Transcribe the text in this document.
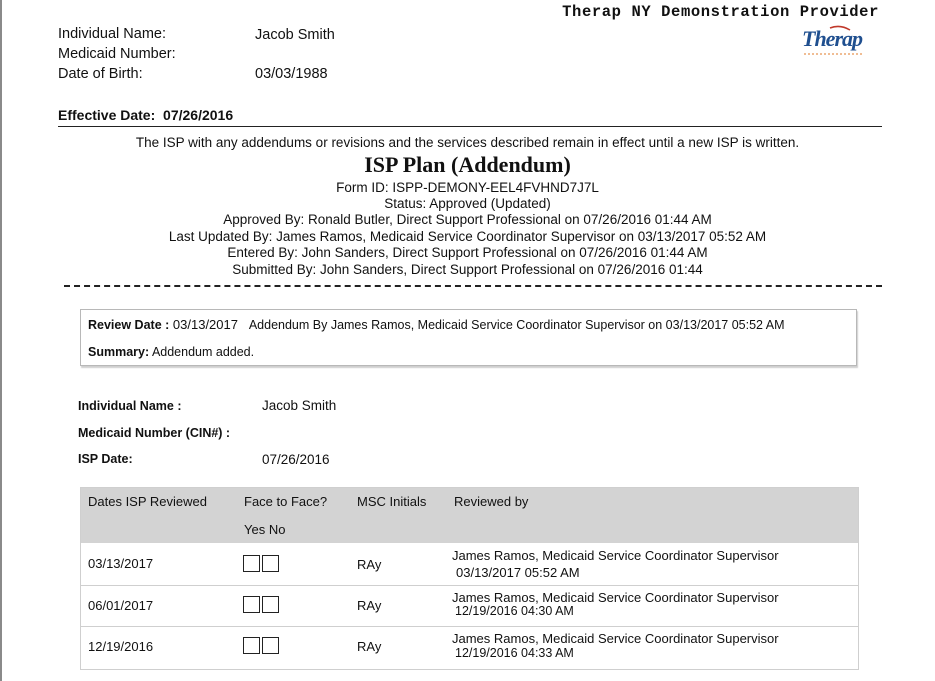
Individual Name:	Jacob Smith
Medicaid Number:
Date of Birth:	03/03/1988
Therap NY Demonstration Provider
Therap
Effective Date: 07/26/2016
The ISP with any addendums or revisions and the services described remain in effect until a new ISP is written.
ISP Plan (Addendum)
Form ID: ISPP-DEMONY-EEL4FVHND7J7L
Status: Approved (Updated)
Approved By: Ronald Butler, Direct Support Professional on 07/26/2016 01:44 AM
Last Updated By: James Ramos, Medicaid Service Coordinator Supervisor on 03/13/2017 05:52 AM
Entered By: John Sanders, Direct Support Professional on 07/26/2016 01:44 AM
Submitted By: John Sanders, Direct Support Professional on 07/26/2016 01:44
Review Date : 03/13/2017 Addendum By James Ramos, Medicaid Service Coordinator Supervisor on 03/13/2017 05:52 AM
Summary: Addendum added.
Individual Name :	Jacob Smith
Medicaid Number (CIN#) :
ISP Date:	07/26/2016
Dates ISP Reviewed	Face to Face?
Yes No
MSC Initials Reviewed by
03/13/2017	RAy
James Ramos, Medicaid Service Coordinator Supervisor
03/13/2017 05:52 AM
06/01/2017	RAy
James Ramos, Medicaid Service Coordinator Supervisor
12/19/2016 04:30 AM
12/19/2016	RAy
James Ramos, Medicaid Service Coordinator Supervisor
12/19/2016 04:33 AM
